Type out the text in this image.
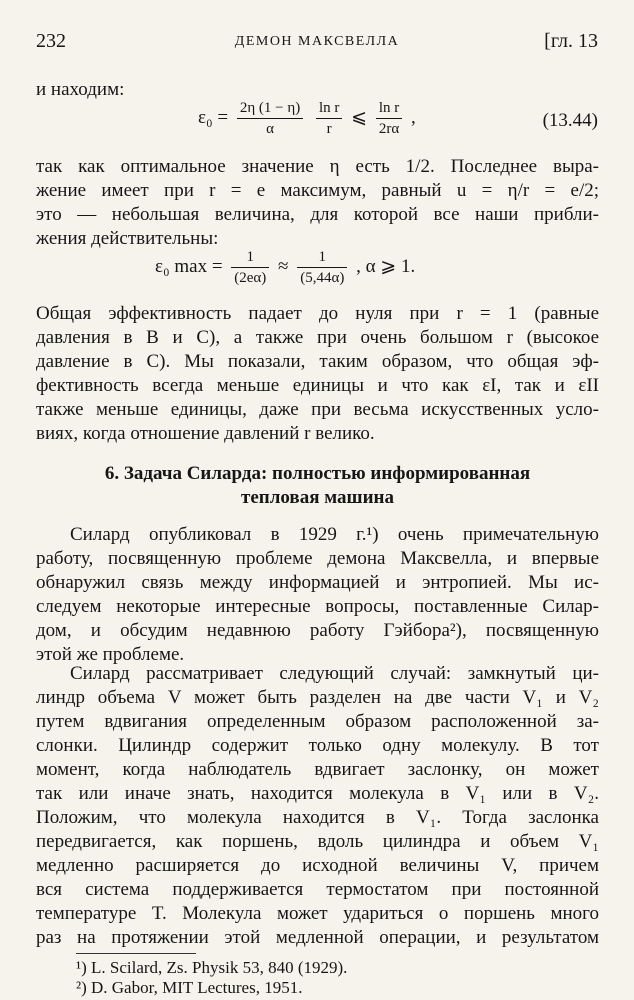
232	ДЕМОН МАКСВЕЛЛА	[гл. 13
и находим:
$\varepsilon_0 = \frac{2\eta (1 - \eta)}{\alpha}$
$\frac{\text{ln r}}{r}$ ⩽ $\frac{\text{ln r}}{2r\alpha}$ ,	(13.44)
так как оптимальное значение η есть 1/2. Последнее выра-
жение имеет при r = e максимум, равный u = η/r = e/2;
это — небольшая величина, для которой все наши прибли-
жения действительны:
ε₀ $\max = \frac{1}{(2e\alpha)} \approx \frac{1}{(5,44\alpha)}$ , α ⩾ 1.
Общая эффективность падает до нуля при r = 1 (равные
давления в B и C), а также при очень большом r (высокое
давление в C). Мы показали, таким образом, что общая эф-
фективность всегда меньше единицы и что как εI, так и εII
также меньше единицы, даже при весьма искусственных усло-
виях, когда отношение давлений r велико.
6. Задача Силарда: полностью информированная
тепловая машина
Силард опубликовал в 1929 г.¹) очень примечательную
работу, посвященную проблеме демона Максвелла, и впервые
обнаружил связь между информацией и энтропией. Мы ис-
следуем некоторые интересные вопросы, поставленные Силар-
дом, и обсудим недавнюю работу Гэйбора²), посвященную
этой же проблеме.
Силард рассматривает следующий случай: замкнутый ци-
линдр объема V может быть разделен на две части V₁ и V₂
путем вдвигания определенным образом расположенной за-
слонки. Цилиндр содержит только одну молекулу. В тот
момент, когда наблюдатель вдвигает заслонку, он может
так или иначе знать, находится молекула в V₁ или в V₂.
Положим, что молекула находится в V₁. Тогда заслонка
передвигается, как поршень, вдоль цилиндра и объем V₁
медленно расширяется до исходной величины V, причем
вся система поддерживается термостатом при постоянной
температуре T. Молекула может удариться о поршень много
раз на протяжении этой медленной операции, и результатом
¹) L. Scilard, Zs. Physik 53, 840 (1929).
²) D. Gabor, MIT Lectures, 1951.
